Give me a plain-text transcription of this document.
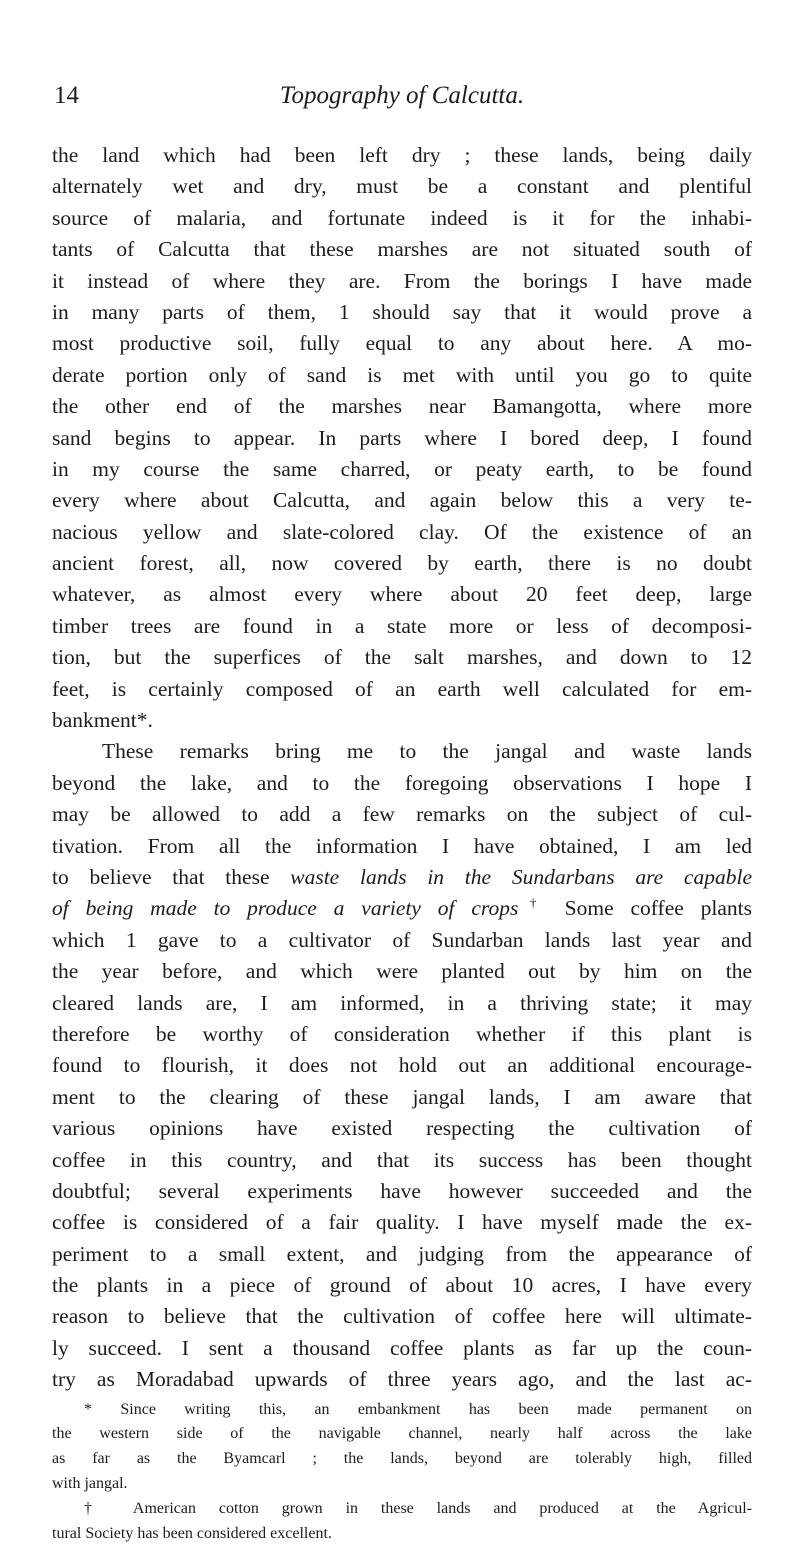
14	Topography of Calcutta.
the land which had been left dry ; these lands, being daily
alternately wet and dry, must be a constant and plentiful
source of malaria, and fortunate indeed is it for the inhabi-
tants of Calcutta that these marshes are not situated south of
it instead of where they are. From the borings I have made
in many parts of them, 1 should say that it would prove a
most productive soil, fully equal to any about here. A mo-
derate portion only of sand is met with until you go to quite
the other end of the marshes near Bamangotta, where more
sand begins to appear. In parts where I bored deep, I found
in my course the same charred, or peaty earth, to be found
every where about Calcutta, and again below this a very te-
nacious yellow and slate-colored clay. Of the existence of an
ancient forest, all, now covered by earth, there is no doubt
whatever, as almost every where about 20 feet deep, large
timber trees are found in a state more or less of decomposi-
tion, but the superfices of the salt marshes, and down to 12
feet, is certainly composed of an earth well calculated for em-
bankment*.
These remarks bring me to the jangal and waste lands
beyond the lake, and to the foregoing observations I hope I
may be allowed to add a few remarks on the subject of cul-
tivation. From all the information I have obtained, I am led
to believe that these waste lands in the Sundarbans are capable
of being made to produce a variety of crops† Some coffee plants
which 1 gave to a cultivator of Sundarban lands last year and
the year before, and which were planted out by him on the
cleared lands are, I am informed, in a thriving state; it may
therefore be worthy of consideration whether if this plant is
found to flourish, it does not hold out an additional encourage-
ment to the clearing of these jangal lands, I am aware that
various opinions have existed respecting the cultivation of
coffee in this country, and that its success has been thought
doubtful; several experiments have however succeeded and the
coffee is considered of a fair quality. I have myself made the ex-
periment to a small extent, and judging from the appearance of
the plants in a piece of ground of about 10 acres, I have every
reason to believe that the cultivation of coffee here will ultimate-
ly succeed. I sent a thousand coffee plants as far up the coun-
try as Moradabad upwards of three years ago, and the last ac-
* Since writing this, an embankment has been made permanent on
the western side of the navigable channel, nearly half across the lake
as far as the Byamcarl ; the lands, beyond are tolerably high, filled
with jangal.
† American cotton grown in these lands and produced at the Agricul-
tural Society has been considered excellent.
